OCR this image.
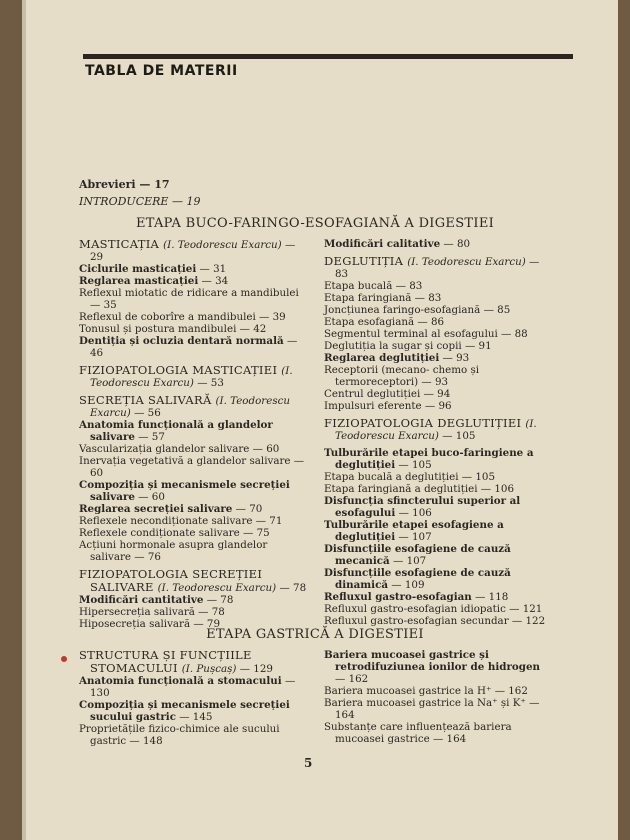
TABLA DE MATERII
Abrevieri — 17
INTRODUCERE — 19
ETAPA BUCO-FARINGO-ESOFAGIANĂ A DIGESTIEI

MASTICAȚIA (I. Teodorescu Exarcu) — 29

Ciclurile masticației — 31

Reglarea masticației — 34

Reflexul miotatic de ridicare a mandibulei — 35

Reflexul de coborîre a mandibulei — 39

Tonusul și postura mandibulei — 42

Dentiția și ocluzia dentară normală — 46

FIZIOPATOLOGIA MASTICAȚIEI (I. Teodorescu Exarcu) — 53

SECREȚIA SALIVARĂ (I. Teodorescu Exarcu) — 56

Anatomia funcțională a glandelor salivare — 57

Vascularizația glandelor salivare — 60

Inervația vegetativă a glandelor salivare — 60

Compoziția și mecanismele secreției salivare — 60

Reglarea secreției salivare — 70

Reflexele necondiționate salivare — 71

Reflexele condiționate salivare — 75

Acțiuni hormonale asupra glandelor salivare — 76

FIZIOPATOLOGIA SECREȚIEI SALIVARE (I. Teodorescu Exarcu) — 78

Modificări cantitative — 78

Hipersecreția salivară — 78

Hiposecreția salivară — 79

Modificări calitative — 80

DEGLUTIȚIA (I. Teodorescu Exarcu) — 83

Etapa bucală — 83

Etapa faringiană — 83

Joncțiunea faringo-esofagiană — 85

Etapa esofagiană — 86

Segmentul terminal al esofagului — 88

Deglutiția la sugar și copii — 91

Reglarea deglutiției — 93

Receptorii (mecano- chemo și termoreceptori) — 93

Centrul deglutiției — 94

Impulsuri eferente — 96

FIZIOPATOLOGIA DEGLUTIȚIEI (I. Teodorescu Exarcu) — 105

Tulburările etapei buco-faringiene a deglutiției — 105

Etapa bucală a deglutiției — 105

Etapa faringiană a deglutiției — 106

Disfuncția sfincterului superior al esofagului — 106

Tulburările etapei esofagiene a deglutiției — 107

Disfuncțiile esofagiene de cauză mecanică — 107

Disfuncțiile esofagiene de cauză dinamică — 109

Refluxul gastro-esofagian — 118

Refluxul gastro-esofagian idiopatic — 121

Refluxul gastro-esofagian secundar — 122

ETAPA GASTRICĂ A DIGESTIEI

STRUCTURA ȘI FUNCȚIILE STOMACULUI (I. Pușcaș) — 129

Anatomia funcțională a stomacului — 130

Compoziția și mecanismele secreției sucului gastric — 145

Proprietățile fizico-chimice ale sucului gastric — 148

Bariera mucoasei gastrice și retrodifuziunea ionilor de hidrogen — 162

Bariera mucoasei gastrice la H⁺ — 162

Bariera mucoasei gastrice la Na⁺ și K⁺ — 164

Substanțe care influențează bariera mucoasei gastrice — 164

5
